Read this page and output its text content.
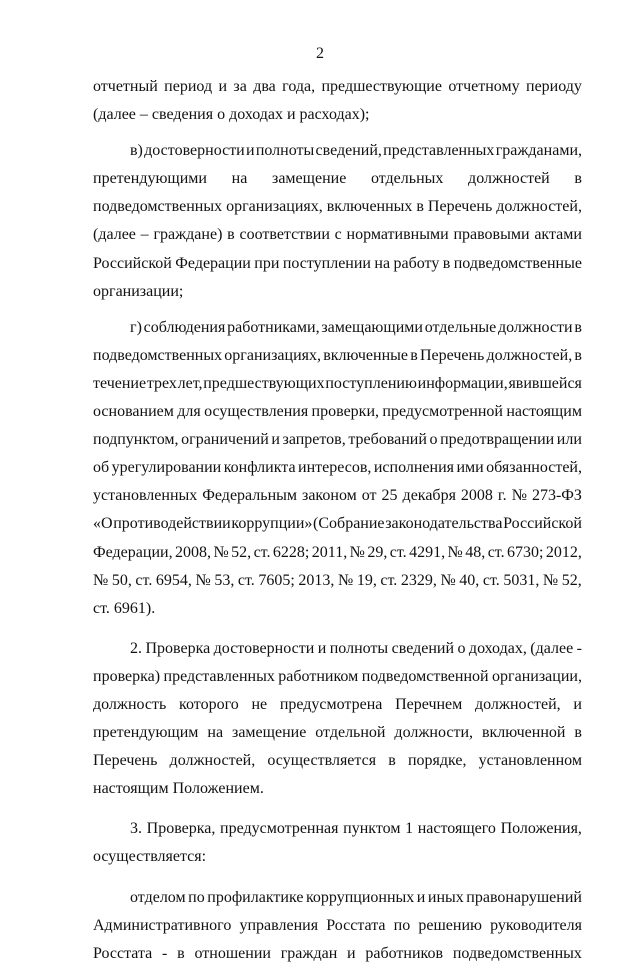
2
отчетный период и за два года, предшествующие отчетному периоду
(далее – сведения о доходах и расходах);
в) достоверности и полноты сведений, представленных гражданами,
претендующими на замещение отдельных должностей в
подведомственных организациях, включенных в Перечень должностей,
(далее – граждане) в соответствии с нормативными правовыми актами
Российской Федерации при поступлении на работу в подведомственные
организации;
г) соблюдения работниками, замещающими отдельные должности в
подведомственных организациях, включенные в Перечень должностей, в
течение трех лет, предшествующих поступлению информации, явившейся
основанием для осуществления проверки, предусмотренной настоящим
подпунктом, ограничений и запретов, требований о предотвращении или
об урегулировании конфликта интересов, исполнения ими обязанностей,
установленных Федеральным законом от 25 декабря 2008 г. № 273-ФЗ
«О противодействии коррупции» (Собрание законодательства Российской
Федерации, 2008, № 52, ст. 6228; 2011, № 29, ст. 4291, № 48, ст. 6730; 2012,
№ 50, ст. 6954, № 53, ст. 7605; 2013, № 19, ст. 2329, № 40, ст. 5031, № 52,
ст. 6961).
2. Проверка достоверности и полноты сведений о доходах, (далее -
проверка) представленных работником подведомственной организации,
должность которого не предусмотрена Перечнем должностей, и
претендующим на замещение отдельной должности, включенной в
Перечень должностей, осуществляется в порядке, установленном
настоящим Положением.
3. Проверка, предусмотренная пунктом 1 настоящего Положения,
осуществляется:
отделом по профилактике коррупционных и иных правонарушений
Административного управления Росстата по решению руководителя
Росстата - в отношении граждан и работников подведомственных
